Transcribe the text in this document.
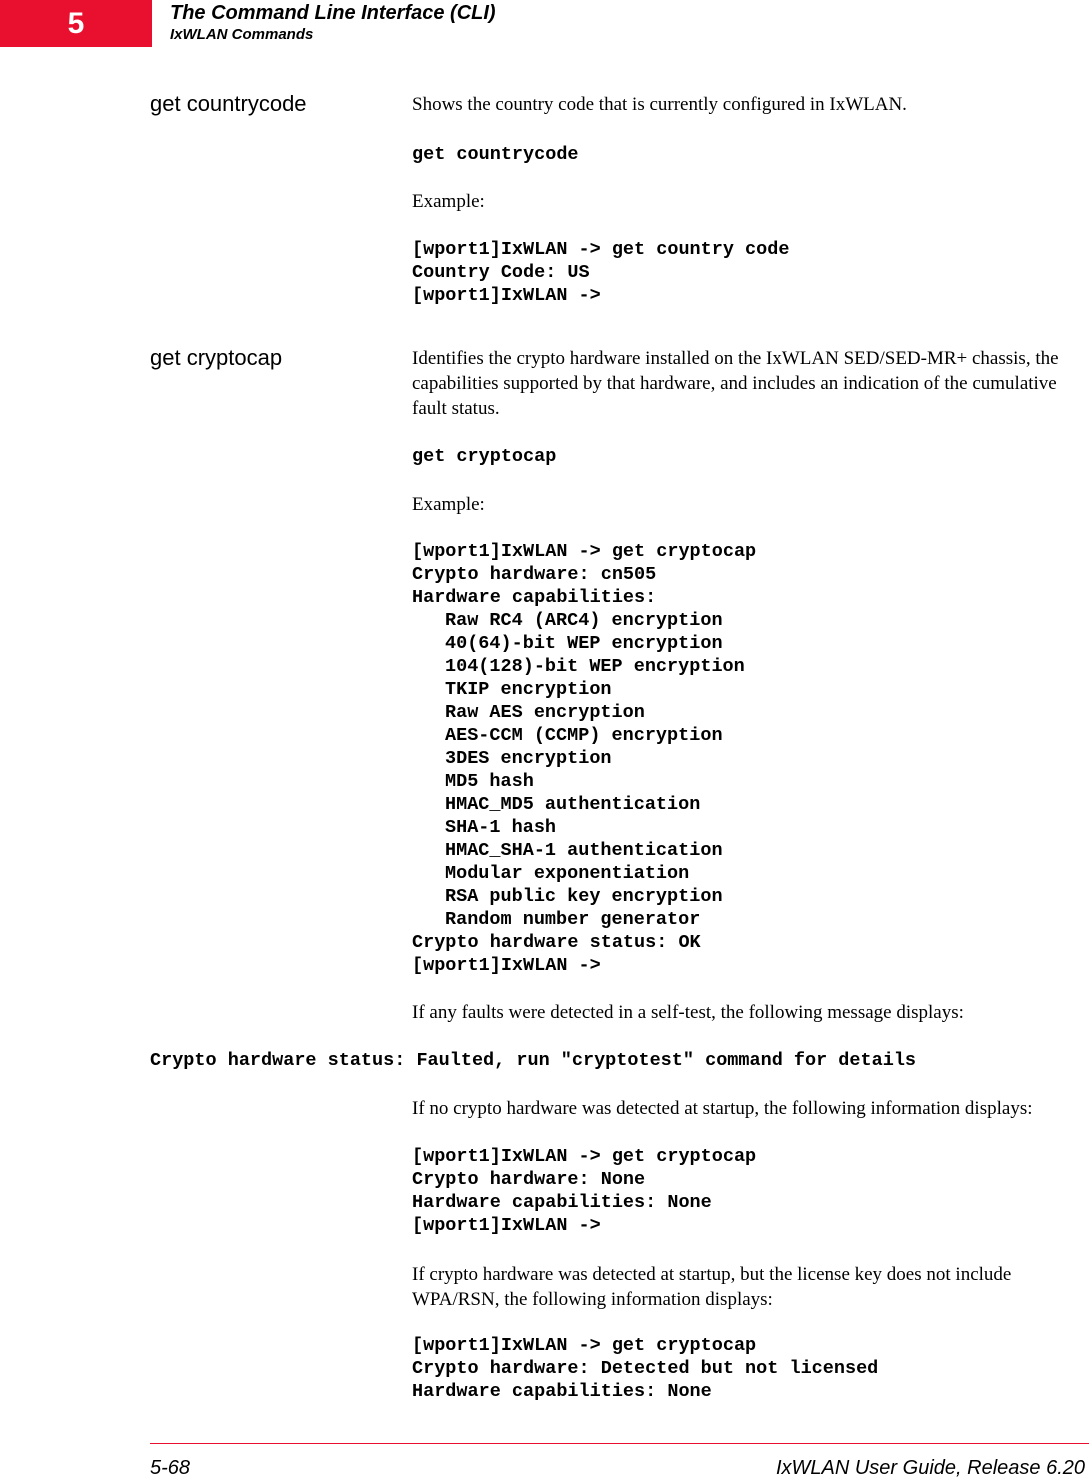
5	The Command Line Interface (CLI)
IxWLAN Commands
get countrycode	Shows the country code that is currently configured in IxWLAN.
get countrycode
Example:
[wport1]IxWLAN -> get country code
Country Code: US
[wport1]IxWLAN ->
get cryptocap	Identifies the crypto hardware installed on the IxWLAN SED/SED-MR+ chassis, the capabilities supported by that hardware, and includes an indication of the cumulative fault status.
get cryptocap
Example:
[wport1]IxWLAN -> get cryptocap
Crypto hardware: cn505
Hardware capabilities:
Raw RC4 (ARC4) encryption
40(64)-bit WEP encryption
104(128)-bit WEP encryption
TKIP encryption
Raw AES encryption
AES-CCM (CCMP) encryption
3DES encryption
MD5 hash
HMAC_MD5 authentication
SHA-1 hash
HMAC_SHA-1 authentication
Modular exponentiation
RSA public key encryption
Random number generator
Crypto hardware status: OK
[wport1]IxWLAN ->
If any faults were detected in a self-test, the following message displays:
Crypto hardware status: Faulted, run "cryptotest" command for details
If no crypto hardware was detected at startup, the following information displays:
[wport1]IxWLAN -> get cryptocap
Crypto hardware: None
Hardware capabilities: None
[wport1]IxWLAN ->
If crypto hardware was detected at startup, but the license key does not include WPA/RSN, the following information displays:
[wport1]IxWLAN -> get cryptocap
Crypto hardware: Detected but not licensed
Hardware capabilities: None
5-68	IxWLAN User Guide, Release 6.20
